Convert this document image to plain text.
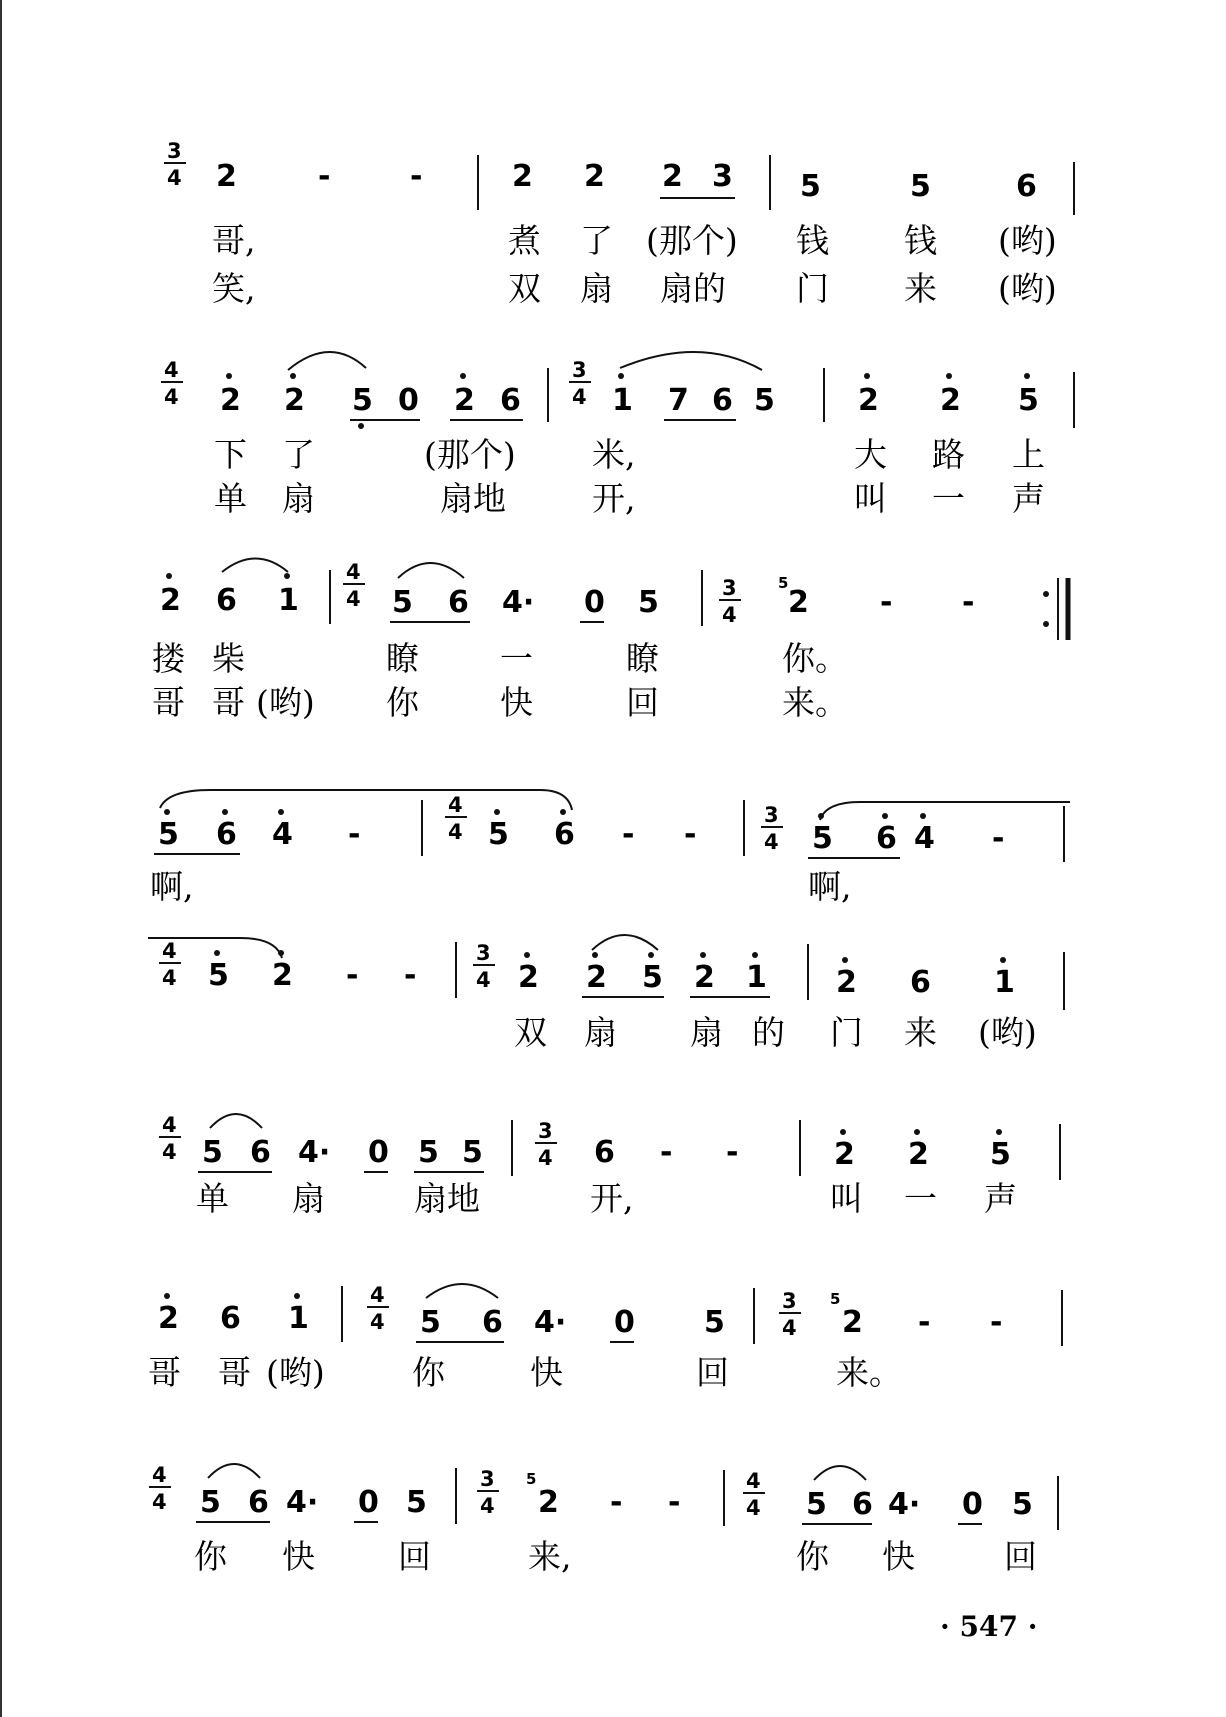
3
4 2	-	-	2 2 2 3 5	5	6
哥,	煮 了 (那个) 钱 钱 (哟)
笑,	双 扇 扇的 门 来 (哟)
4
4 2 2 5 0 2 6
3
4 1 7 6 5	2 2 5
下 了	(那个) 米,	大 路 上
单 扇	扇地	开,	叫 一 声
2 6 1
4
4 5 6 4· 0 5	3
4
5
2 - -
搂 柴	瞭 一	瞭	你。
哥 哥 (哟) 你 快	回	来。
5 6 4 -
4
4 5 6 - -
3
4 5 6 4 -
啊,	啊,
4
4 5 2 - -
3
4 2 2 5 2 1 2 6 1
双 扇 扇 的 门 来 (哟)
4
4 5 6 4· 0 5 5
3
4 6 - -	2 2 5
单 扇	扇地	开,	叫 一 声
2 6 1
4
4 5 6 4· 0 5
3
4
5
2 - -
哥 哥 (哟)	你	快	回	来。
4
4 5 6 4· 0 5
3
4
5
2 - -
4
4 5 6 4· 0 5
你 快	回	来,	你 快	回
· 547 ·
